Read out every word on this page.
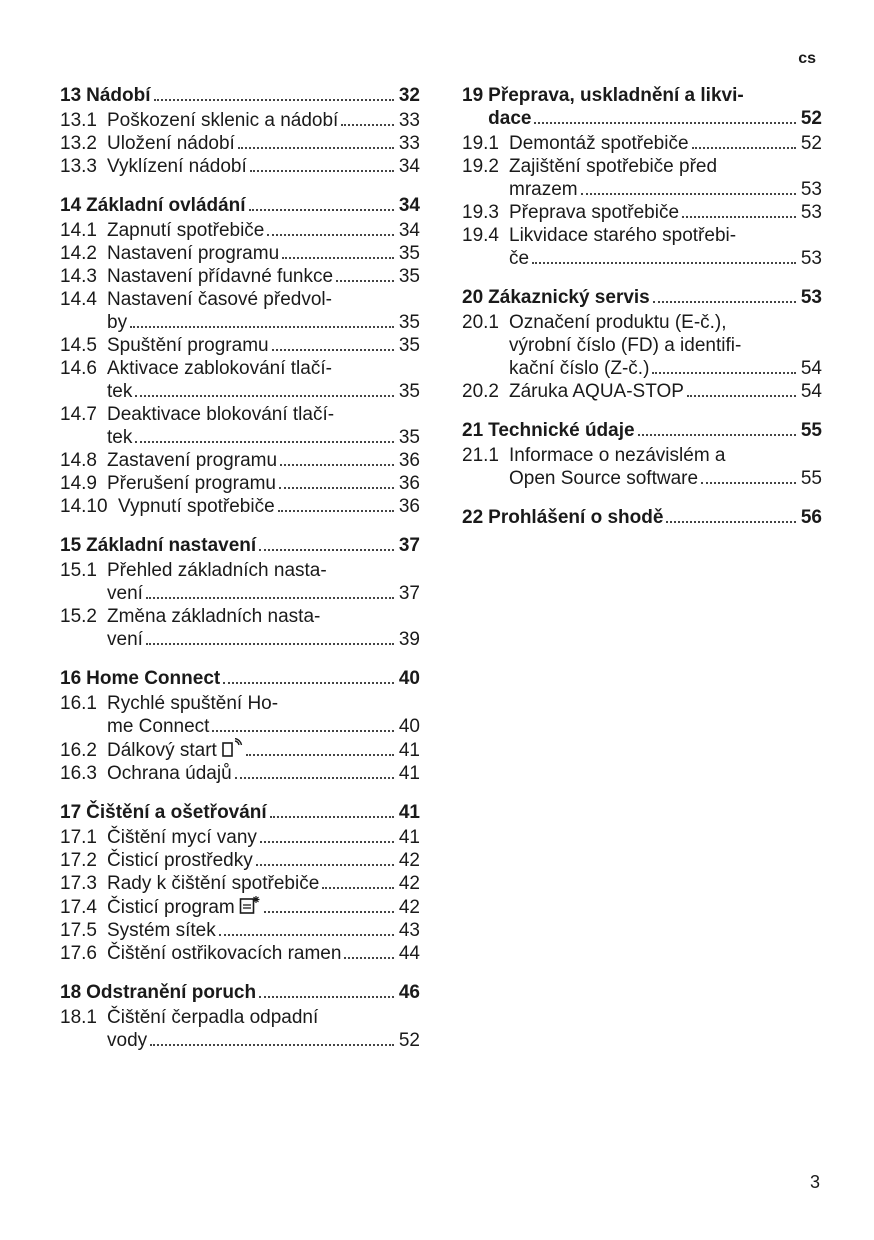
cs
13 Nádobí	32
13.1 Poškození sklenic a nádobí	33
13.2 Uložení nádobí	33
13.3 Vyklízení nádobí	34
14 Základní ovládání	34
14.1 Zapnutí spotřebiče	34
14.2 Nastavení programu	35
14.3 Nastavení přídavné funkce	35
14.4 Nastavení časové předvol-
by	35
14.5 Spuštění programu	35
14.6 Aktivace zablokování tlačí-
tek	35
14.7 Deaktivace blokování tlačí-
tek	35
14.8 Zastavení programu	36
14.9 Přerušení programu	36
14.10 Vypnutí spotřebiče	36
15 Základní nastavení	37
15.1 Přehled základních nasta-
vení	37
15.2 Změna základních nasta-
vení	39
16 Home Connect	40
16.1 Rychlé spuštění Ho-
me Connect	40
16.2 Dálkový start	41
16.3 Ochrana údajů	41
17 Čištění a ošetřování	41
17.1 Čištění mycí vany	41
17.2 Čisticí prostředky	42
17.3 Rady k čištění spotřebiče	42
17.4 Čisticí program	42
17.5 Systém sítek	43
17.6 Čištění ostřikovacích ramen	44
18 Odstranění poruch	46
18.1 Čištění čerpadla odpadní
vody	52
19 Přeprava, uskladnění a likvi-
dace	52
19.1 Demontáž spotřebiče	52
19.2 Zajištění spotřebiče před
mrazem	53
19.3 Přeprava spotřebiče	53
19.4 Likvidace starého spotřebi-
če	53
20 Zákaznický servis	53
20.1 Označení produktu (E-č.),
výrobní číslo (FD) a identifi-
kační číslo (Z-č.)	54
20.2 Záruka AQUA-STOP	54
21 Technické údaje	55
21.1 Informace o nezávislém a
Open Source software	55
22 Prohlášení o shodě	56
3
